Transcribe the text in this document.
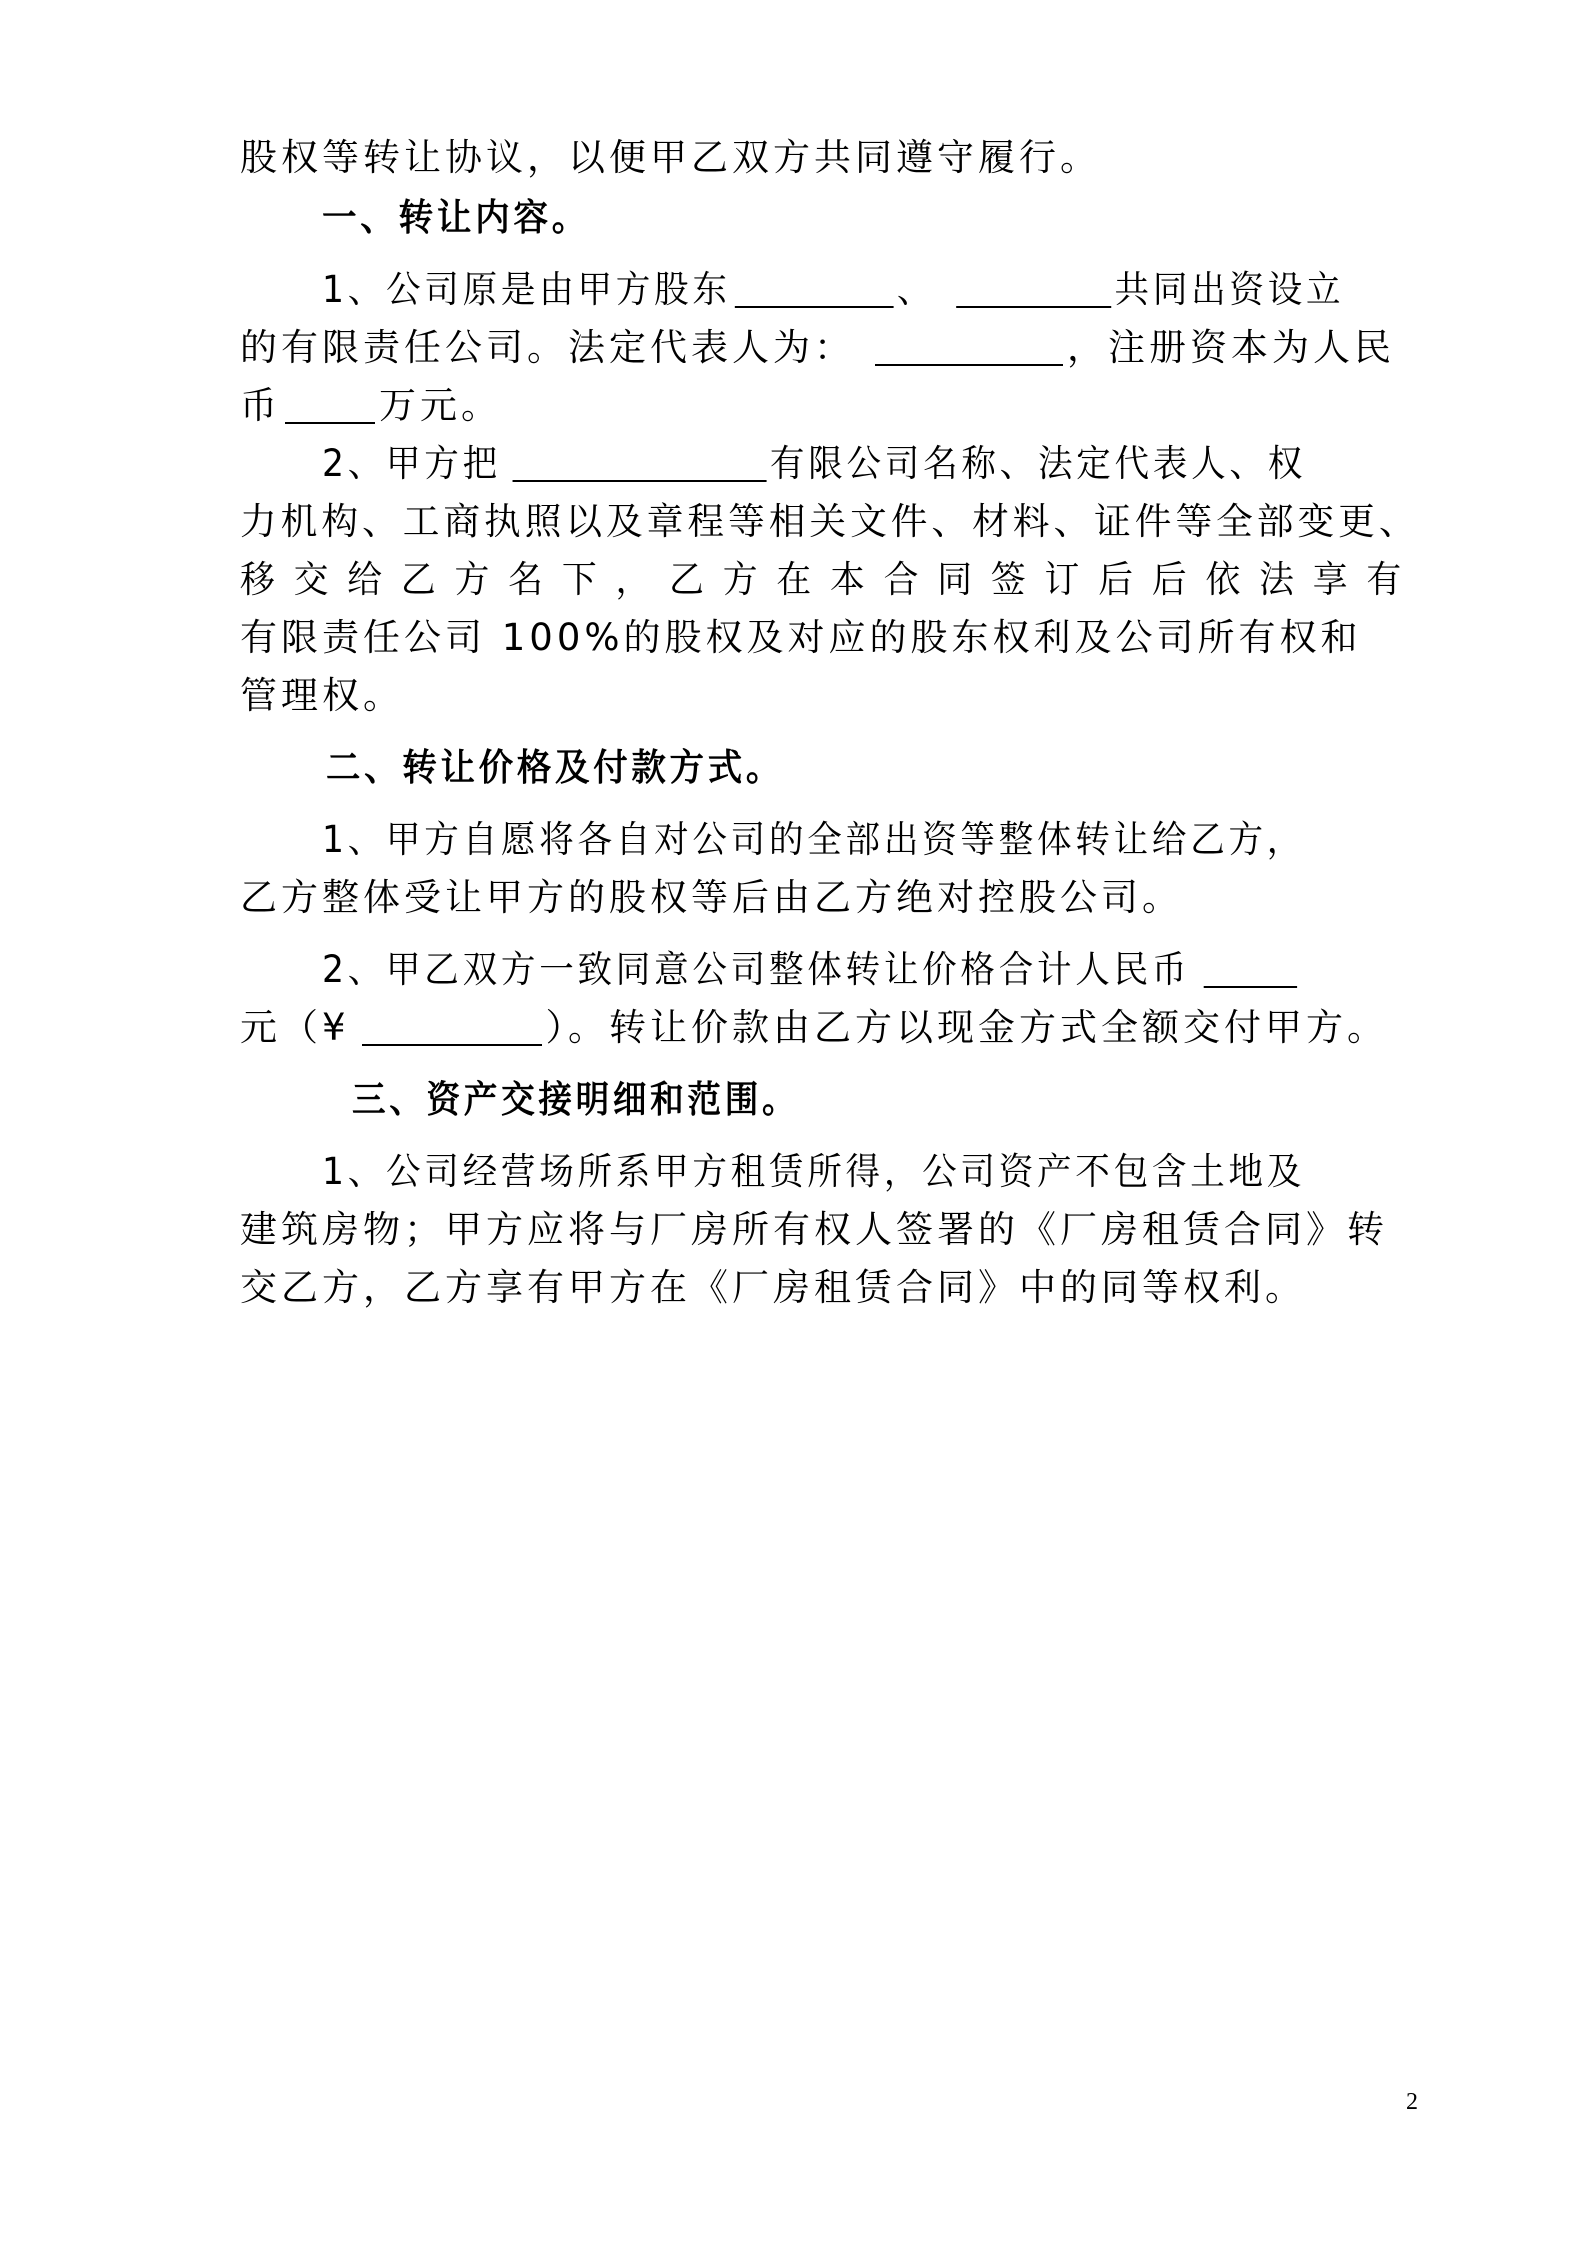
股权等转让协议，以便甲乙双方共同遵守履行。
一、转让内容。
1、公司原是由甲方股东	、	共同出资设立
的有限责任公司。法定代表人为：	，注册资本为人民
币	万元。
2、甲方把	有限公司名称、法定代表人、权
力机构、工商执照以及章程等相关文件、材料、证件等全部变更、
移交给乙方名下，乙方在本合同签订后后依法享有
有限责任公司 100%的股权及对应的股东权利及公司所有权和
管理权。
二、转让价格及付款方式。
1、甲方自愿将各自对公司的全部出资等整体转让给乙方，
乙方整体受让甲方的股权等后由乙方绝对控股公司。
2、甲乙双方一致同意公司整体转让价格合计人民币
元（¥	）。转让价款由乙方以现金方式全额交付甲方。
三、资产交接明细和范围。
1、公司经营场所系甲方租赁所得，公司资产不包含土地及
建筑房物；甲方应将与厂房所有权人签署的《厂房租赁合同》转
交乙方，乙方享有甲方在《厂房租赁合同》中的同等权利。
2
